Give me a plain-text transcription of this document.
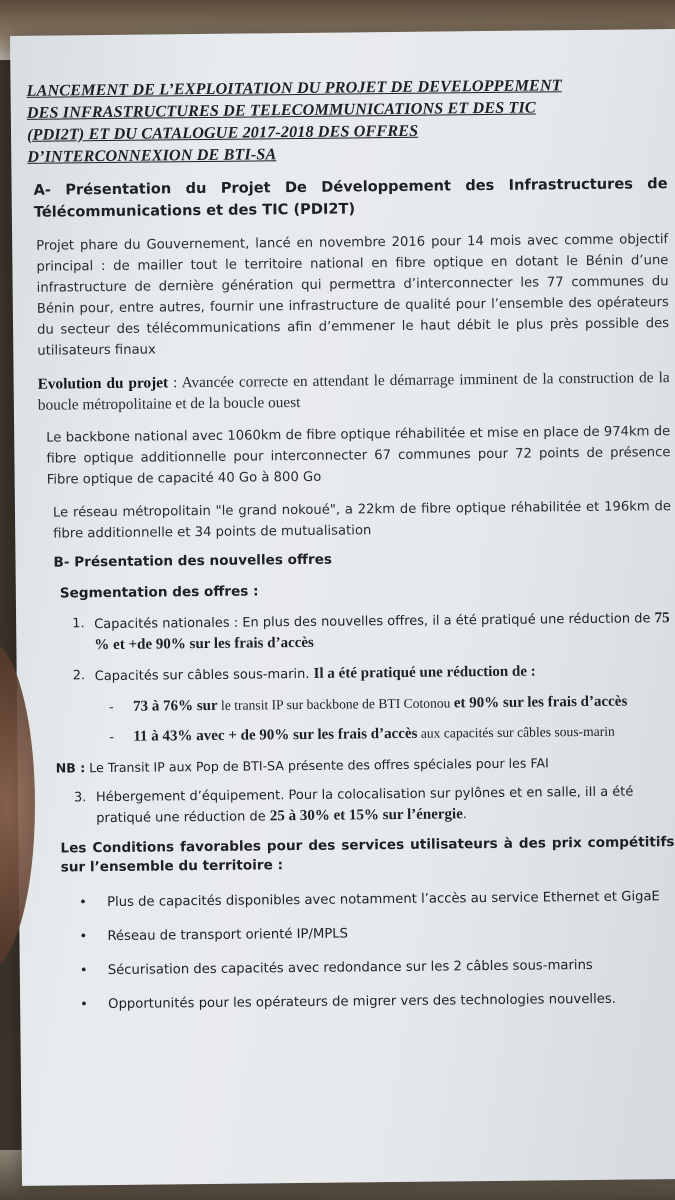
LANCEMENT DE L’EXPLOITATION DU PROJET DE DEVELOPPEMENT
DES INFRASTRUCTURES DE TELECOMMUNICATIONS ET DES TIC
(PDI2T) ET DU CATALOGUE 2017-2018 DES OFFRES
D’INTERCONNEXION DE BTI-SA
A- Présentation du Projet De Développement des Infrastructures de Télécommunications et des TIC (PDI2T)
Projet phare du Gouvernement, lancé en novembre 2016 pour 14 mois avec comme objectif principal : de mailler tout le territoire national en fibre optique en dotant le Bénin d’une infrastructure de dernière génération qui permettra d’interconnecter les 77 communes du Bénin pour, entre autres, fournir une infrastructure de qualité pour l’ensemble des opérateurs du secteur des télécommunications afin d’emmener le haut débit le plus près possible des utilisateurs finaux
Evolution du projet : Avancée correcte en attendant le démarrage imminent de la construction de la boucle métropolitaine et de la boucle ouest
Le backbone national avec 1060km de fibre optique réhabilitée et mise en place de 974km de fibre optique additionnelle pour interconnecter 67 communes pour 72 points de présence Fibre optique de capacité 40 Go à 800 Go
Le réseau métropolitain "le grand nokoué", a 22km de fibre optique réhabilitée et 196km de fibre additionnelle et 34 points de mutualisation
B- Présentation des nouvelles offres
Segmentation des offres :
1. Capacités nationales : En plus des nouvelles offres, il a été pratiqué une réduction de 75 % et +de 90% sur les frais d’accès
2. Capacités sur câbles sous-marin. Il a été pratiqué une réduction de :
- 73 à 76% sur le transit IP sur backbone de BTI Cotonou et 90% sur les frais d’accès
- 11 à 43% avec + de 90% sur les frais d’accès aux capacités sur câbles sous-marin
NB : Le Transit IP aux Pop de BTI-SA présente des offres spéciales pour les FAI
3. Hébergement d’équipement. Pour la colocalisation sur pylônes et en salle, iIl a été pratiqué une réduction de 25 à 30% et 15% sur l’énergie.
Les Conditions favorables pour des services utilisateurs à des prix compétitifs sur l’ensemble du territoire :
• Plus de capacités disponibles avec notamment l’accès au service Ethernet et GigaE
• Réseau de transport orienté IP/MPLS
• Sécurisation des capacités avec redondance sur les 2 câbles sous-marins
• Opportunités pour les opérateurs de migrer vers des technologies nouvelles.
